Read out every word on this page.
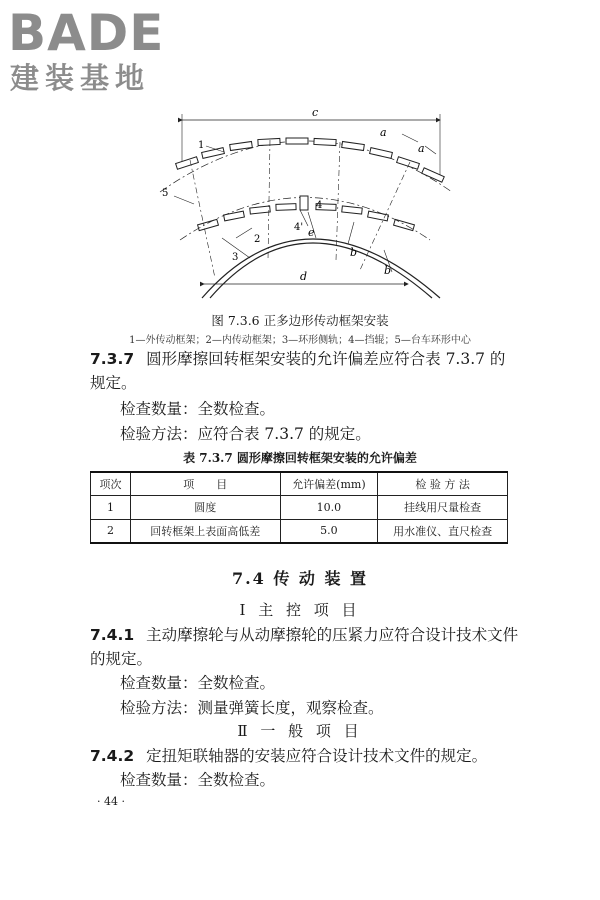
BADE
建装基地
c
d
a
a
b
b
e
1
2
3
4
4'
5
图 7.3.6 正多边形传动框架安装
1—外传动框架；2—内传动框架；3—环形侧轨；4—挡辊；5—台车环形中心
7.3.7 圆形摩擦回转框架安装的允许偏差应符合表 7.3.7 的
规定。
检查数量：全数检查。
检验方法：应符合表 7.3.7 的规定。
表 7.3.7 圆形摩擦回转框架安装的允许偏差
项次	项　　目	允许偏差(mm)	检 验 方 法
1	圆度	10.0	挂线用尺量检查
2	回转框架上表面高低差	5.0	用水准仪、直尺检查
7.4 传 动 装 置
Ⅰ 主 控 项 目
7.4.1 主动摩擦轮与从动摩擦轮的压紧力应符合设计技术文件
的规定。
检查数量：全数检查。
检验方法：测量弹簧长度，观察检查。
Ⅱ 一 般 项 目
7.4.2 定扭矩联轴器的安装应符合设计技术文件的规定。
检查数量：全数检查。
· 44 ·
